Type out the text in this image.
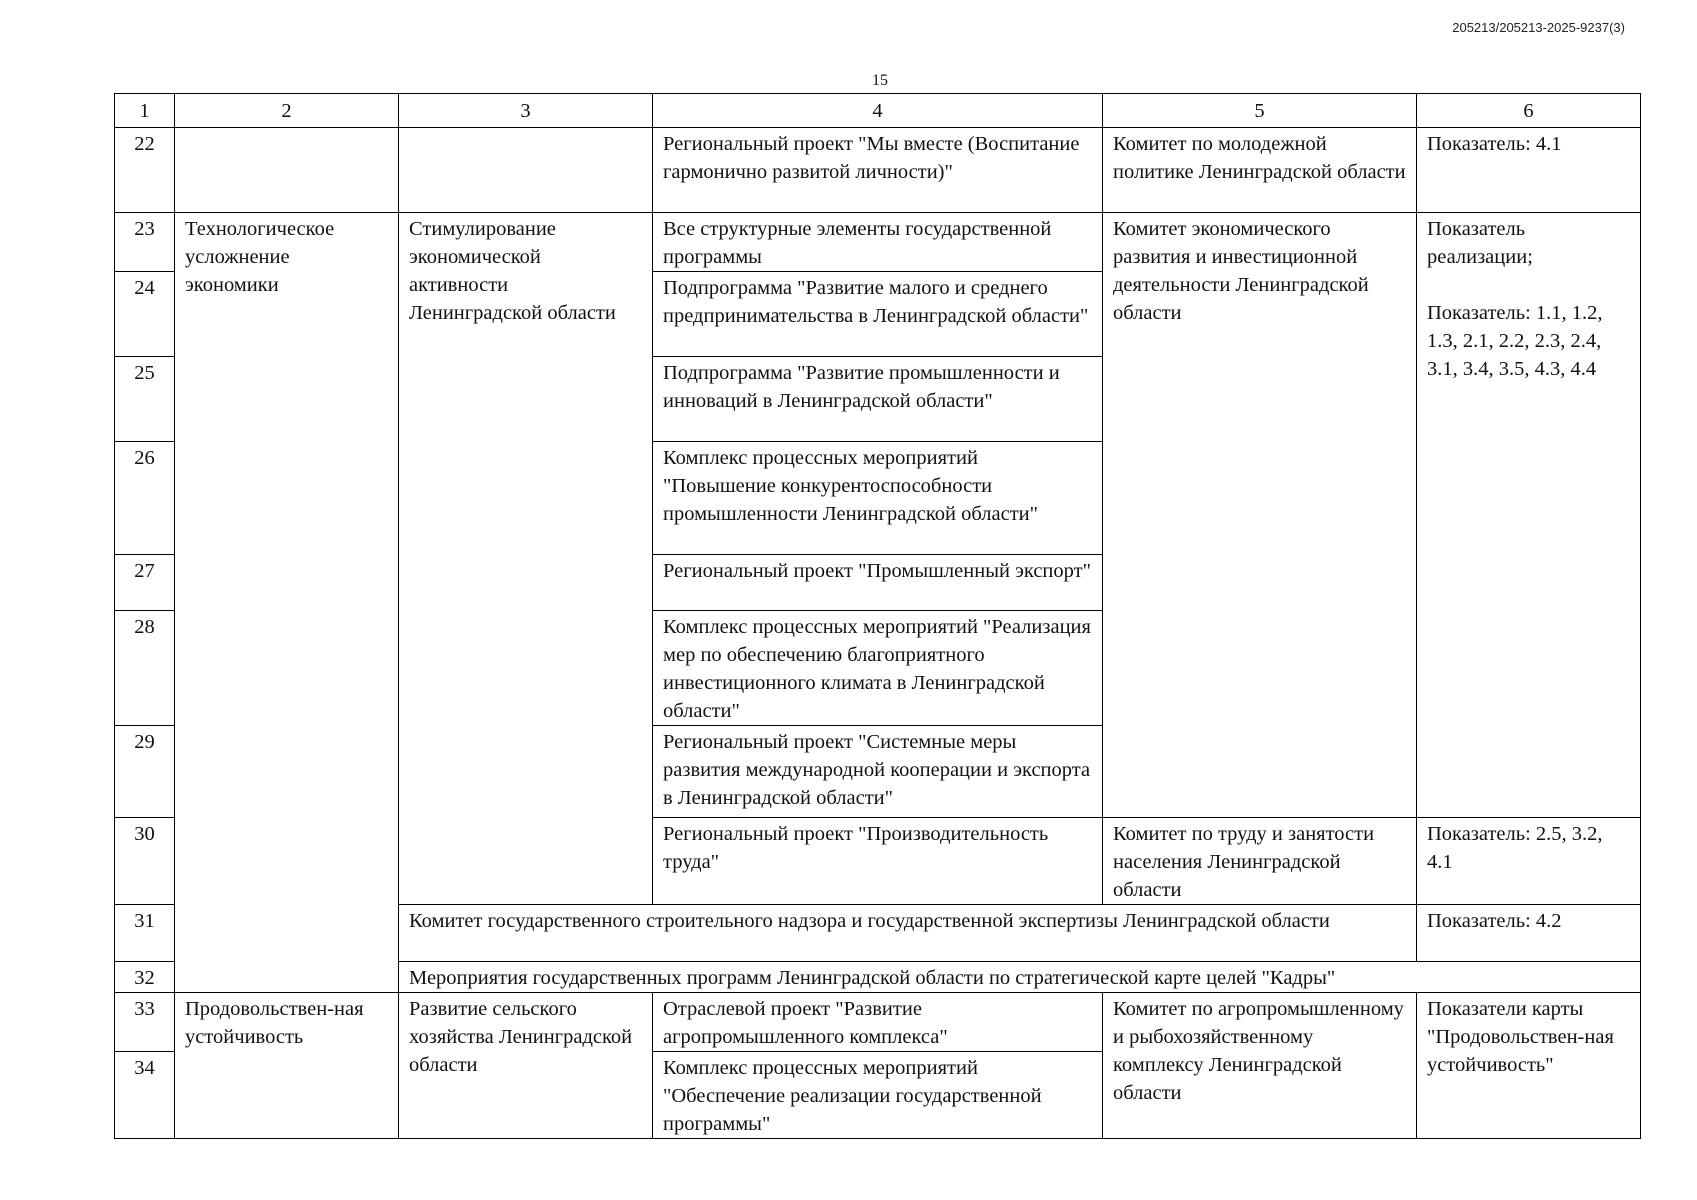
205213/205213-2025-9237(3)
15
1	2	3	4	5	6
22			Региональный проект "Мы вместе (Воспитание гармонично развитой личности)"	Комитет по молодежной политике Ленинградской области	Показатель: 4.1
23	Технологическое усложнение экономики	Стимулирование экономической активности Ленинградской области	Все структурные элементы государственной программы	Комитет экономического развития и инвестиционной деятельности Ленинградской области	Показатель реализации;
Показатель: 1.1, 1.2, 1.3, 2.1, 2.2, 2.3, 2.4, 3.1, 3.4, 3.5, 4.3, 4.4

24			Подпрограмма "Развитие малого и среднего предпринимательства в Ленинградской области"		
25			Подпрограмма "Развитие промышленности и инноваций в Ленинградской области"		
26			Комплекс процессных мероприятий "Повышение конкурентоспособности промышленности Ленинградской области"		
27			Региональный проект "Промышленный экспорт"		
28			Комплекс процессных мероприятий "Реализация мер по обеспечению благоприятного инвестиционного климата в Ленинградской области"		
29			Региональный проект "Системные меры развития международной кооперации и экспорта в Ленинградской области"		
30			Региональный проект "Производительность труда"	Комитет по труду и занятости населения Ленинградской области	Показатель: 2.5, 3.2, 4.1
31		Комитет государственного строительного надзора и государственной экспертизы Ленинградской области			Показатель: 4.2
32		Мероприятия государственных программ Ленинградской области по стратегической карте целей "Кадры"			
33	Продовольствен-ная устойчивость	Развитие сельского хозяйства Ленинградской области	Отраслевой проект "Развитие агропромышленного комплекса"	Комитет по агропромышленному и рыбохозяйственному комплексу Ленинградской области	Показатели карты "Продовольствен-ная устойчивость"
34			Комплекс процессных мероприятий "Обеспечение реализации государственной программы"		
